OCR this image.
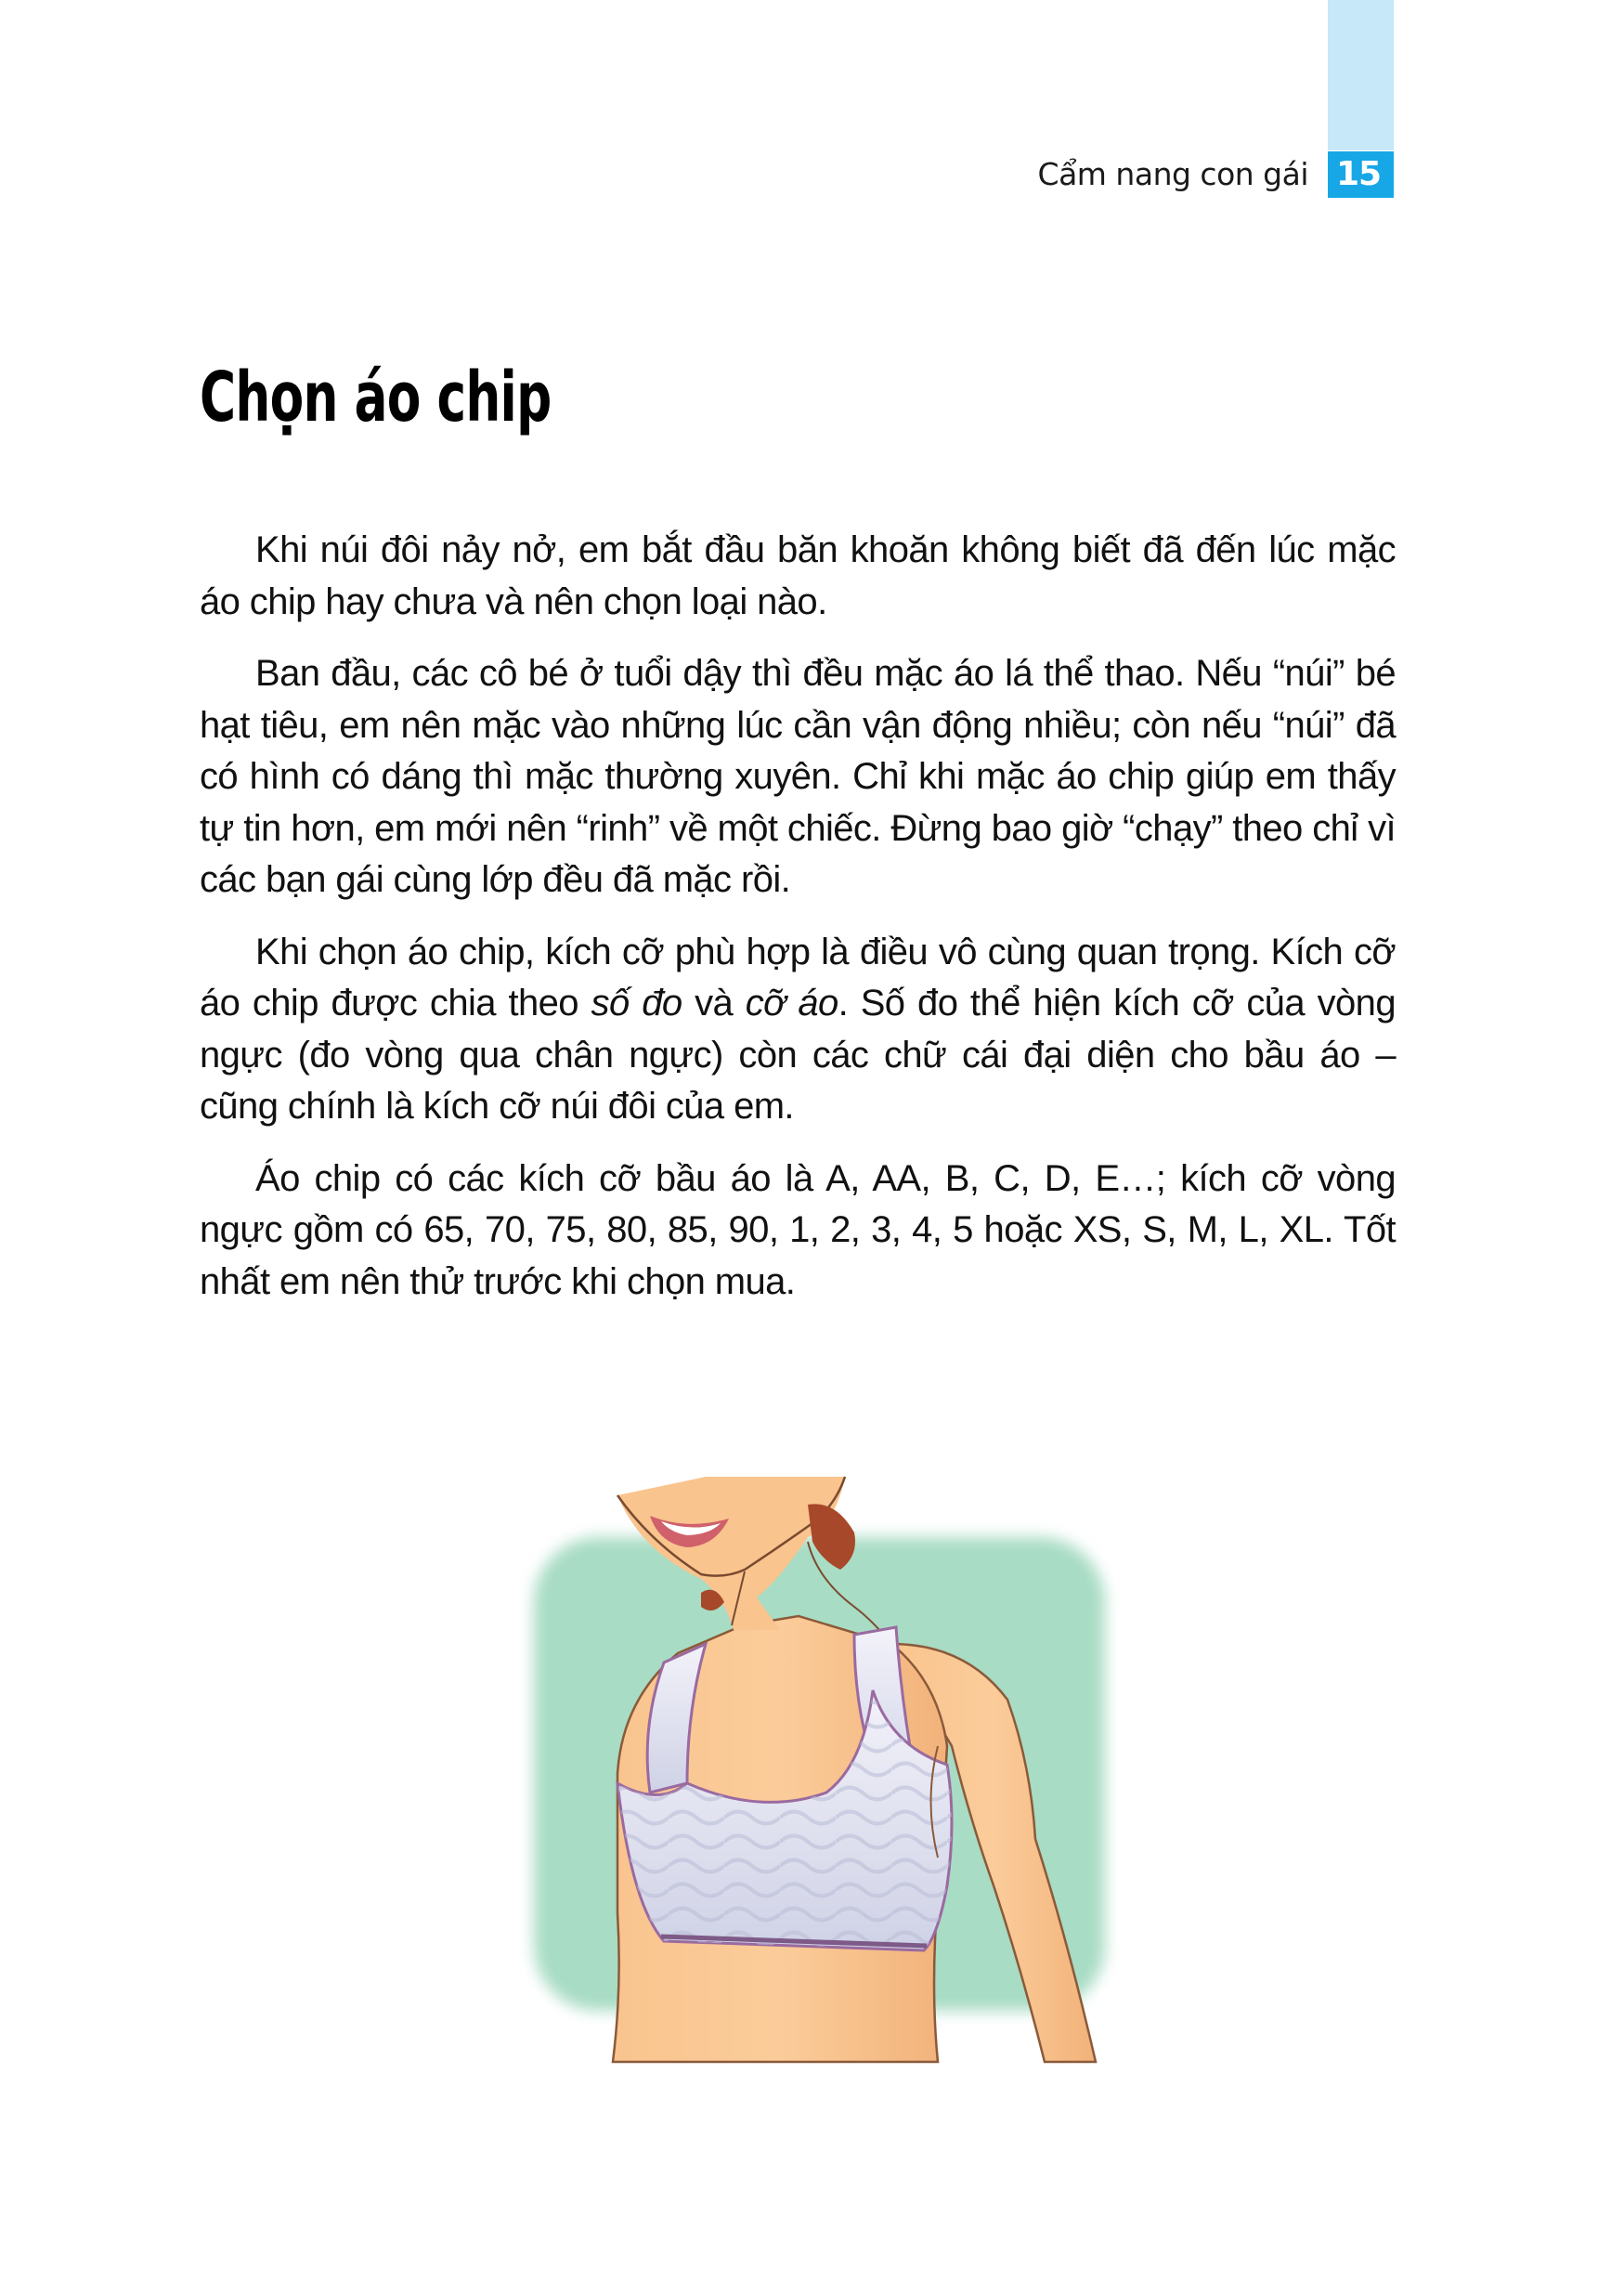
Cẩm nang con gái 15
Chọn áo chip

Khi núi đôi nảy nở, em bắt đầu băn khoăn không biết đã đến lúc mặc áo chip hay chưa và nên chọn loại nào.

Ban đầu, các cô bé ở tuổi dậy thì đều mặc áo lá thể thao. Nếu “núi” bé hạt tiêu, em nên mặc vào những lúc cần vận động nhiều; còn nếu “núi” đã có hình có dáng thì mặc thường xuyên. Chỉ khi mặc áo chip giúp em thấy tự tin hơn, em mới nên “rinh” về một chiếc. Đừng bao giờ “chạy” theo chỉ vì các bạn gái cùng lớp đều đã mặc rồi.

Khi chọn áo chip, kích cỡ phù hợp là điều vô cùng quan trọng. Kích cỡ áo chip được chia theo số đo và cỡ áo. Số đo thể hiện kích cỡ của vòng ngực (đo vòng qua chân ngực) còn các chữ cái đại diện cho bầu áo – cũng chính là kích cỡ núi đôi của em.

Áo chip có các kích cỡ bầu áo là A, AA, B, C, D, E…; kích cỡ vòng ngực gồm có 65, 70, 75, 80, 85, 90, 1, 2, 3, 4, 5 hoặc XS, S, M, L, XL. Tốt nhất em nên thử trước khi chọn mua.
